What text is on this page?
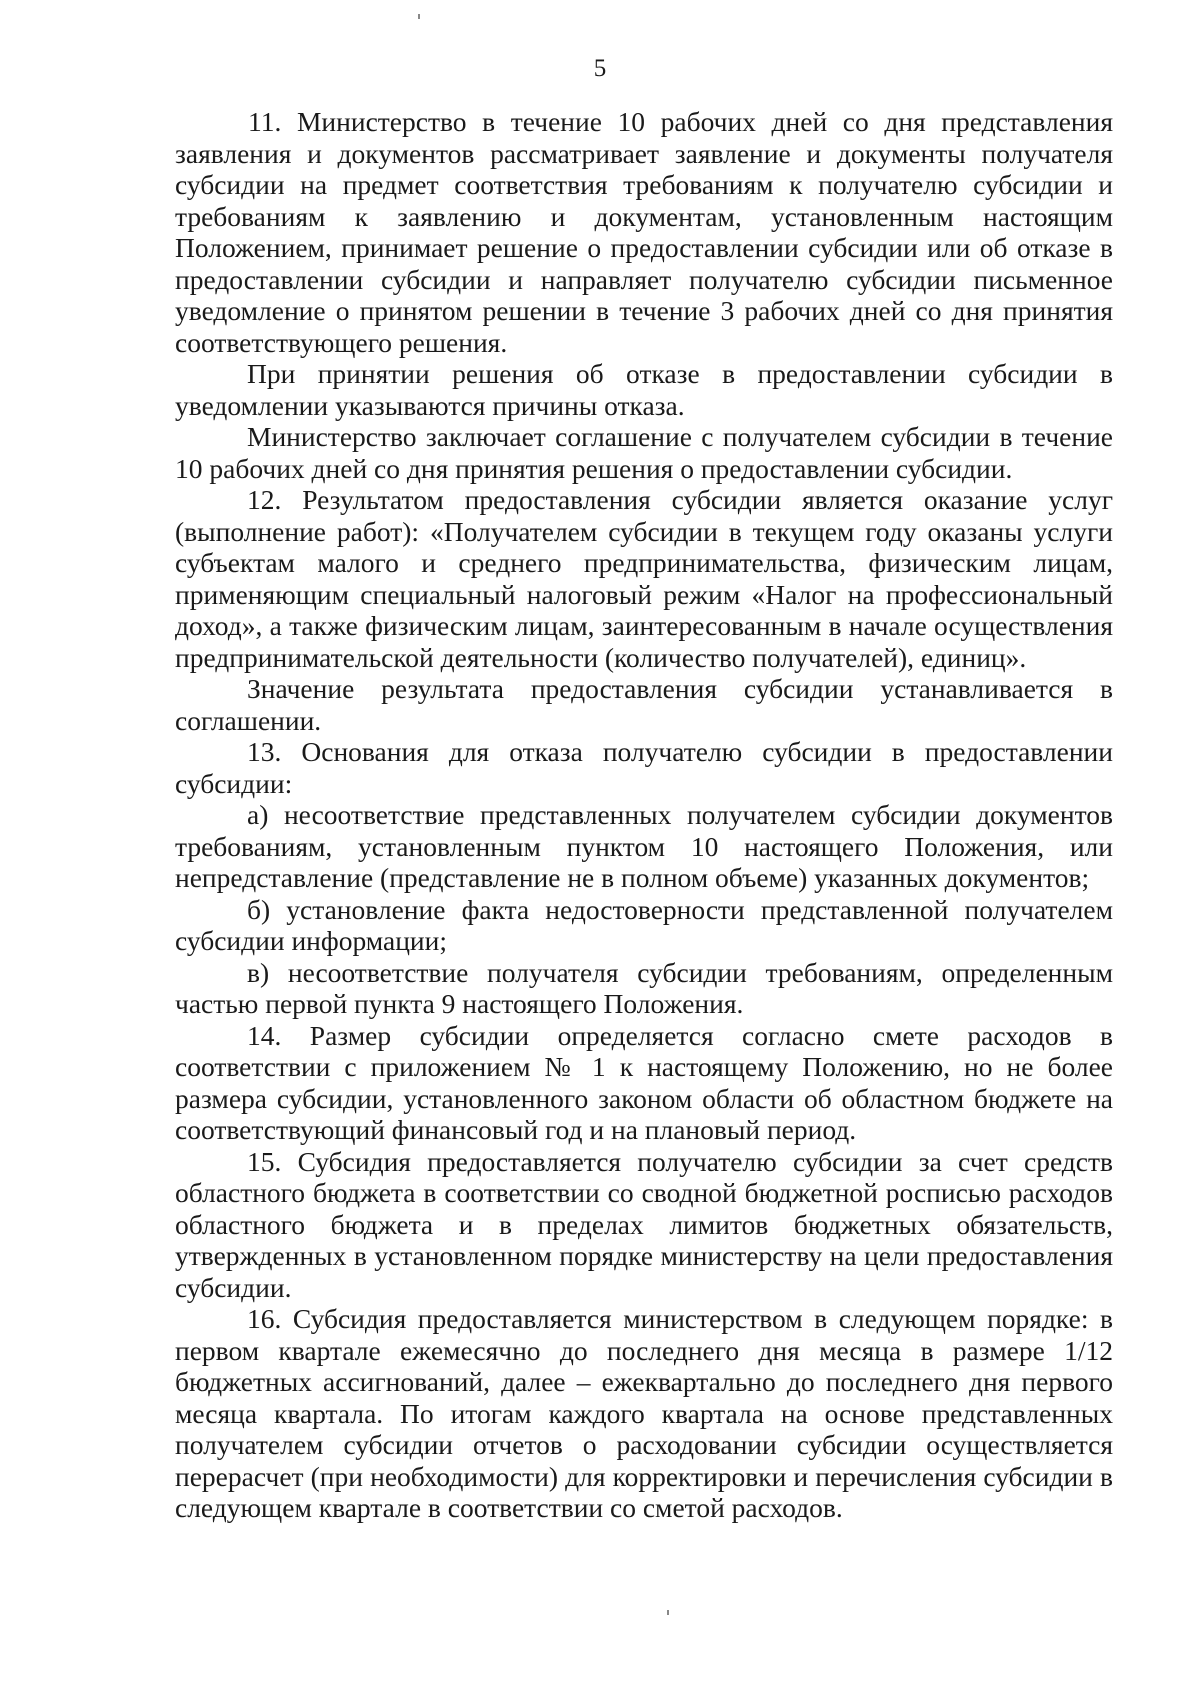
5

11. Министерство в течение 10 рабочих дней со дня представления заявления и документов рассматривает заявление и документы получателя субсидии на предмет соответствия требованиям к получателю субсидии и требованиям к заявлению и документам, установленным настоящим Положением, принимает решение о предоставлении субсидии или об отказе в предоставлении субсидии и направляет получателю субсидии письменное уведомление о принятом решении в течение 3 рабочих дней со дня принятия соответствующего решения.

При принятии решения об отказе в предоставлении субсидии в уведомлении указываются причины отказа.

Министерство заключает соглашение с получателем субсидии в течение 10 рабочих дней со дня принятия решения о предоставлении субсидии.

12. Результатом предоставления субсидии является оказание услуг (выполнение работ): «Получателем субсидии в текущем году оказаны услуги субъектам малого и среднего предпринимательства, физическим лицам, применяющим специальный налоговый режим «Налог на профессиональный доход», а также физическим лицам, заинтересованным в начале осуществления предпринимательской деятельности (количество получателей), единиц».

Значение результата предоставления субсидии устанавливается в соглашении.

13. Основания для отказа получателю субсидии в предоставлении субсидии:

а) несоответствие представленных получателем субсидии документов требованиям, установленным пунктом 10 настоящего Положения, или непредставление (представление не в полном объеме) указанных документов;

б) установление факта недостоверности представленной получателем субсидии информации;

в) несоответствие получателя субсидии требованиям, определенным частью первой пункта 9 настоящего Положения.

14. Размер субсидии определяется согласно смете расходов в соответствии с приложением № 1 к настоящему Положению, но не более размера субсидии, установленного законом области об областном бюджете на соответствующий финансовый год и на плановый период.

15. Субсидия предоставляется получателю субсидии за счет средств областного бюджета в соответствии со сводной бюджетной росписью расходов областного бюджета и в пределах лимитов бюджетных обязательств, утвержденных в установленном порядке министерству на цели предоставления субсидии.

16. Субсидия предоставляется министерством в следующем порядке: в первом квартале ежемесячно до последнего дня месяца в размере 1/12 бюджетных ассигнований, далее – ежеквартально до последнего дня первого месяца квартала. По итогам каждого квартала на основе представленных получателем субсидии отчетов о расходовании субсидии осуществляется перерасчет (при необходимости) для корректировки и перечисления субсидии в следующем квартале в соответствии со сметой расходов.
